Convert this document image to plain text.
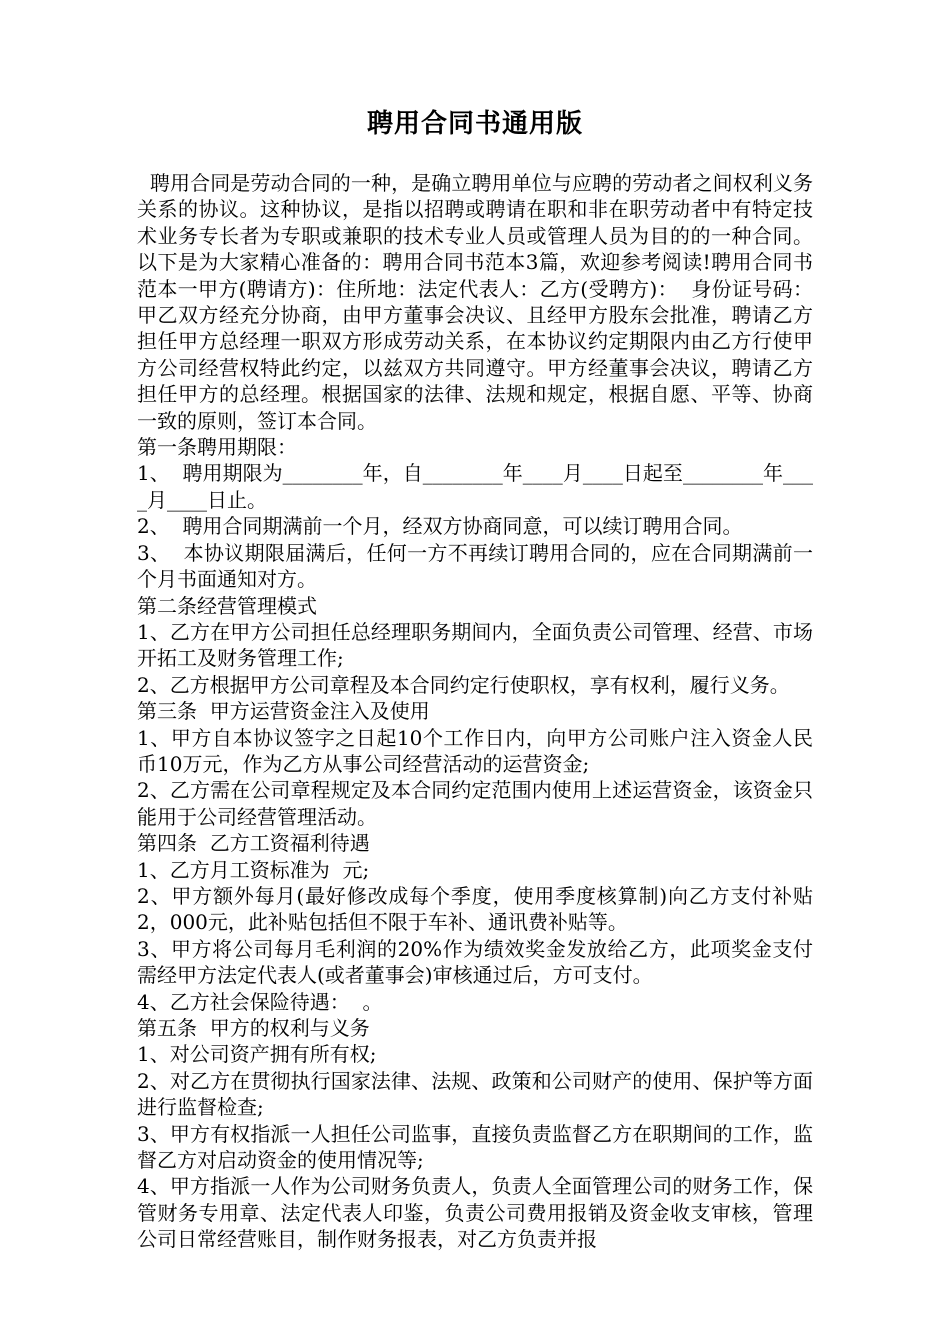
聘用合同书通用版

聘用合同是劳动合同的一种，是确立聘用单位与应聘的劳动者之间权利义务关系的协议。这种协议，是指以招聘或聘请在职和非在职劳动者中有特定技术业务专长者为专职或兼职的技术专业人员或管理人员为目的的一种合同。以下是为大家精心准备的：聘用合同书范本3篇，欢迎参考阅读!聘用合同书范本一甲方(聘请方)：住所地：法定代表人：乙方(受聘方)：  身份证号码：甲乙双方经充分协商，由甲方董事会决议、且经甲方股东会批准，聘请乙方担任甲方总经理一职双方形成劳动关系，在本协议约定期限内由乙方行使甲方公司经营权特此约定，以兹双方共同遵守。甲方经董事会决议，聘请乙方担任甲方的总经理。根据国家的法律、法规和规定，根据自愿、平等、协商一致的原则，签订本合同。

第一条聘用期限：

1、  聘用期限为________年，自________年____月____日起至________年____月____日止。

2、  聘用合同期满前一个月，经双方协商同意，可以续订聘用合同。

3、  本协议期限届满后，任何一方不再续订聘用合同的，应在合同期满前一个月书面通知对方。

第二条经营管理模式

1、乙方在甲方公司担任总经理职务期间内，全面负责公司管理、经营、市场开拓工及财务管理工作;

2、乙方根据甲方公司章程及本合同约定行使职权，享有权利，履行义务。

第三条  甲方运营资金注入及使用

1、甲方自本协议签字之日起10个工作日内，向甲方公司账户注入资金人民币10万元，作为乙方从事公司经营活动的运营资金;

2、乙方需在公司章程规定及本合同约定范围内使用上述运营资金，该资金只能用于公司经营管理活动。

第四条  乙方工资福利待遇

1、乙方月工资标准为  元;

2、甲方额外每月(最好修改成每个季度，使用季度核算制)向乙方支付补贴2，000元，此补贴包括但不限于车补、通讯费补贴等。

3、甲方将公司每月毛利润的20%作为绩效奖金发放给乙方，此项奖金支付需经甲方法定代表人(或者董事会)审核通过后，方可支付。

4、乙方社会保险待遇：  。

第五条  甲方的权利与义务

1、对公司资产拥有所有权;

2、对乙方在贯彻执行国家法律、法规、政策和公司财产的使用、保护等方面进行监督检查;

3、甲方有权指派一人担任公司监事，直接负责监督乙方在职期间的工作，监督乙方对启动资金的使用情况等;

4、甲方指派一人作为公司财务负责人，负责人全面管理公司的财务工作，保管财务专用章、法定代表人印鉴，负责公司费用报销及资金收支审核，管理公司日常经营账目，制作财务报表，对乙方负责并报
